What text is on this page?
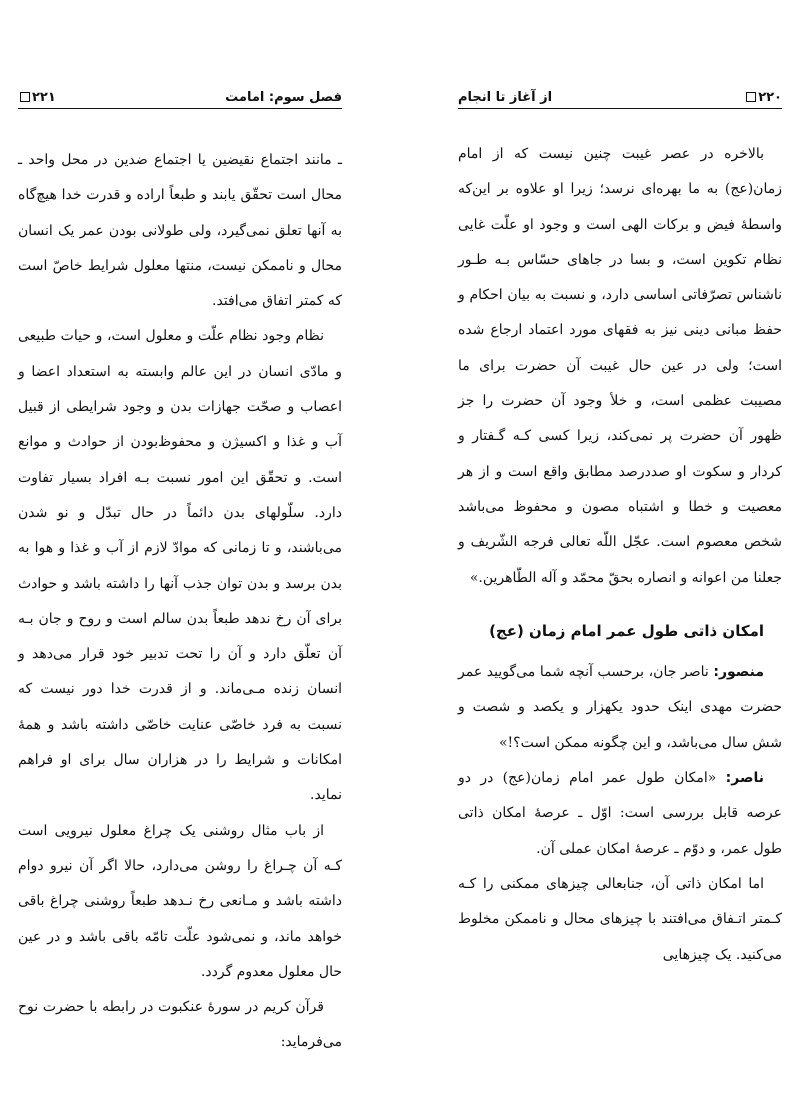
از آغاز تا انجام	۲۲۰

بالاخره در عصر غیبت چنین نیست که از امام زمان(عج) به ما بهره‌ای نرسد؛ زیرا او علاوه بر این‌که واسطهٔ فیض و برکات الهی است و وجود او علّت غایی نظام تکوین است، و بسا در جاهای حسّاس بـه طـور ناشناس تصرّفاتی اساسی دارد، و نسبت به بیان احکام و حفظ مبانی دینی نیز به فقهای مورد اعتماد ارجاع شده است؛ ولی در عین حال غیبت آن حضرت برای ما مصیبت عظمی است، و خلأ وجود آن حضرت را جز ظهور آن حضرت پر نمی‌کند، زیرا کسی کـه گـفتار و کردار و سکوت او صددرصد مطابق واقع است و از هر معصیت و خطا و اشتباه مصون و محفوظ می‌باشد شخص معصوم است. عجّل اللّه تعالی فرجه الشّریف و جعلنا من اعوانه و انصاره بحقّ محمّد و آله الطّاهرین.»

امکان ذاتی طول عمر امام زمان (عج)

منصور: ناصر جان، برحسب آنچه شما می‌گویید عمر حضرت مهدی اینک حدود یکهزار و یکصد و شصت و شش سال می‌باشد، و این چگونه ممکن است؟!»

ناصر: «امکان طول عمر امام زمان(عج) در دو عرصه قابل بررسی است: اوّل ـ عرصهٔ امکان ذاتی طول عمر، و دوّم ـ عرصهٔ امکان عملی آن.

اما امکان ذاتی آن، جنابعالی چیزهای ممکنی را کـه کـمتر اتـفاق می‌افتند با چیزهای محال و ناممکن مخلوط می‌کنید. یک چیزهایی

فصل سوم: امامت
۲۲۱

ـ مانند اجتماع نقیضین یا اجتماع ضدین در محل واحد ـ محال است تحقّق یابند و طبعاً اراده و قدرت خدا هیچ‌گاه به آنها تعلق نمی‌گیرد، ولی طولانی بودن عمر یک انسان محال و ناممکن نیست، منتها معلول شرایط خاصّ است که کمتر اتفاق می‌افتد.

نظام وجود نظام علّت و معلول است، و حیات طبیعی و مادّی انسان در این عالم وابسته به استعداد اعضا و اعصاب و صحّت جهازات بدن و وجود شرایطی از قبیل آب و غذا و اکسیژن و محفوظ‌بودن از حوادث و موانع است. و تحقّق این امور نسبت بـه افراد بسیار تفاوت دارد. سلّولهای بدن دائماً در حال تبدّل و نو شدن می‌باشند، و تا زمانی که موادّ لازم از آب و غذا و هوا به بدن برسد و بدن توان جذب آنها را داشته باشد و حوادث برای آن رخ ندهد طبعاً بدن سالم است و روح و جان بـه آن تعلّق دارد و آن را تحت تدبیر خود قرار می‌دهد و انسان زنده مـی‌ماند. و از قدرت خدا دور نیست که نسبت به فرد خاصّی عنایت خاصّی داشته باشد و همهٔ امکانات و شرایط را در هزاران سال برای او فراهم نماید.

از باب مثال روشنی یک چراغ معلول نیرویی است کـه آن چـراغ را روشن می‌دارد، حالا اگر آن نیرو دوام داشته باشد و مـانعی رخ نـدهد طبعاً روشنی چراغ باقی خواهد ماند، و نمی‌شود علّت تامّه باقی باشد و در عین حال معلول معدوم گردد.

قرآن کریم در سورهٔ عنکبوت در رابطه با حضرت نوح می‌فرماید:
